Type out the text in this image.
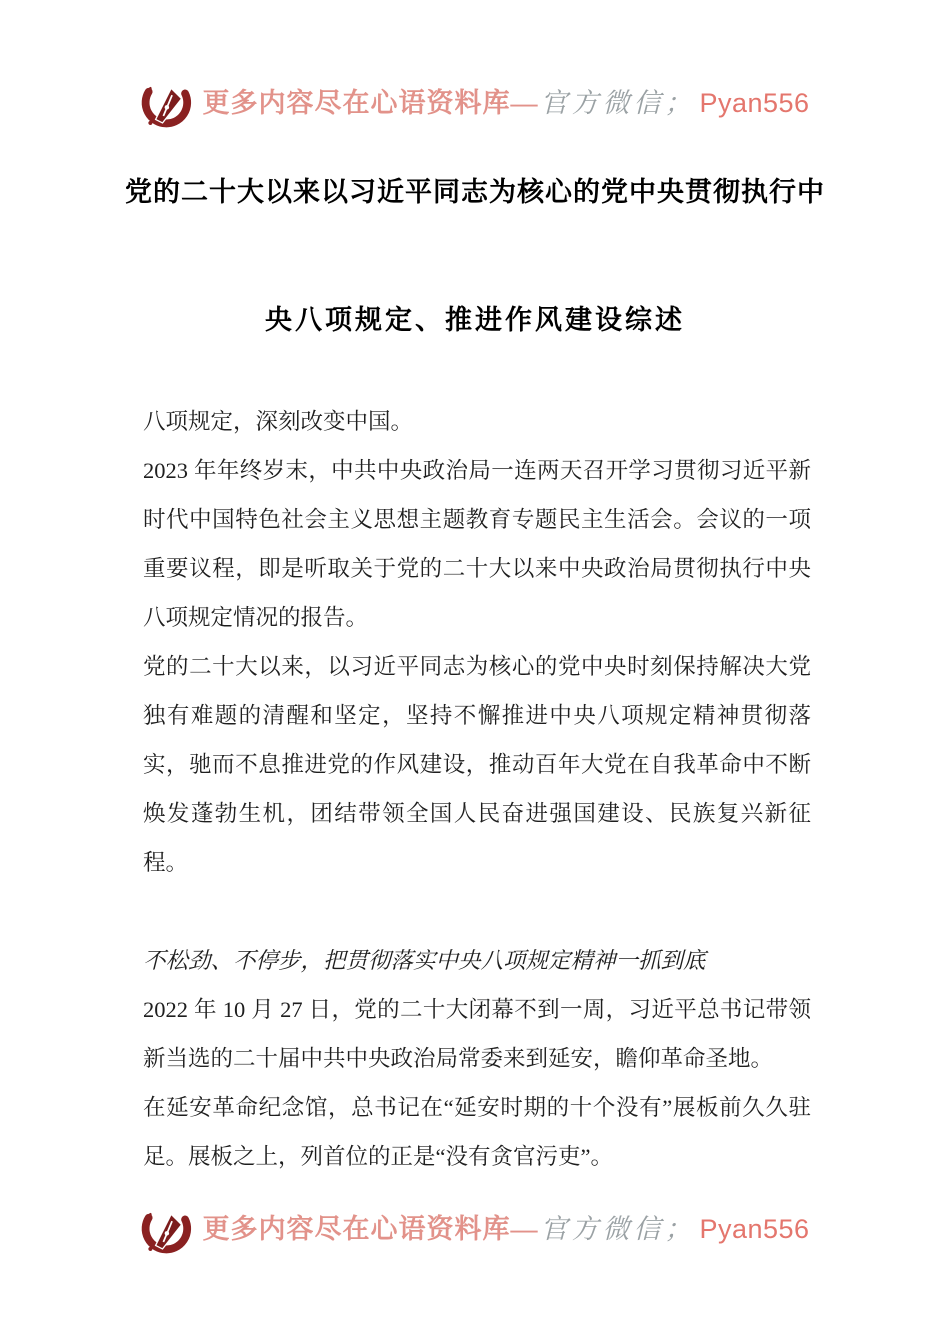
更多内容尽在心语资料库—官方微信； Pyan556
党的二十大以来以习近平同志为核心的党中央贯彻执行中
央八项规定、推进作风建设综述

八项规定，深刻改变中国。

2023 年年终岁末，中共中央政治局一连两天召开学习贯彻习近平新时代中国特色社会主义思想主题教育专题民主生活会。会议的一项重要议程，即是听取关于党的二十大以来中央政治局贯彻执行中央八项规定情况的报告。

党的二十大以来，以习近平同志为核心的党中央时刻保持解决大党独有难题的清醒和坚定，坚持不懈推进中央八项规定精神贯彻落实，驰而不息推进党的作风建设，推动百年大党在自我革命中不断焕发蓬勃生机，团结带领全国人民奋进强国建设、民族复兴新征程。

不松劲、不停步，把贯彻落实中央八项规定精神一抓到底

2022 年 10 月 27 日，党的二十大闭幕不到一周，习近平总书记带领新当选的二十届中共中央政治局常委来到延安，瞻仰革命圣地。

在延安革命纪念馆，总书记在“延安时期的十个没有”展板前久久驻足。展板之上，列首位的正是“没有贪官污吏”。

更多内容尽在心语资料库—官方微信； Pyan556
